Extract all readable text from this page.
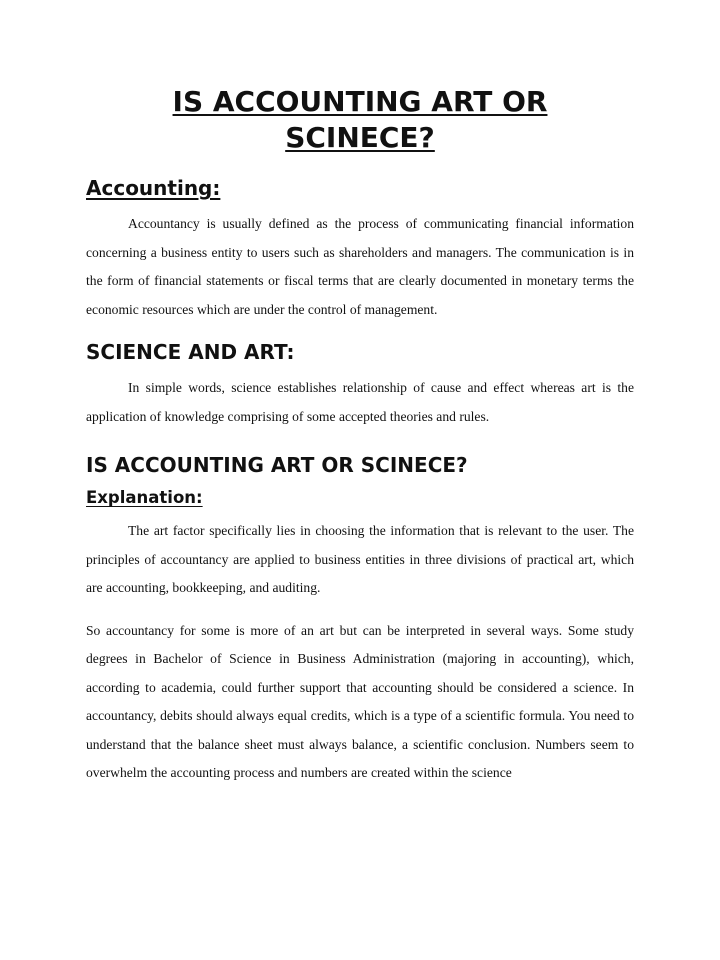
IS ACCOUNTING ART OR SCINECE?
Accounting:

Accountancy is usually defined as the process of communicating financial information concerning a business entity to users such as shareholders and managers. The communication is in the form of financial statements or fiscal terms that are clearly documented in monetary terms the economic resources which are under the control of management.

SCIENCE AND ART:

In simple words, science establishes relationship of cause and effect whereas art is the application of knowledge comprising of some accepted theories and rules.

IS ACCOUNTING ART OR SCINECE?
Explanation:

The art factor specifically lies in choosing the information that is relevant to the user. The principles of accountancy are applied to business entities in three divisions of practical art, which are accounting, bookkeeping, and auditing.

So accountancy for some is more of an art but can be interpreted in several ways. Some study degrees in Bachelor of Science in Business Administration (majoring in accounting), which, according to academia, could further support that accounting should be considered a science. In accountancy, debits should always equal credits, which is a type of a scientific formula. You need to understand that the balance sheet must always balance, a scientific conclusion. Numbers seem to overwhelm the accounting process and numbers are created within the science
